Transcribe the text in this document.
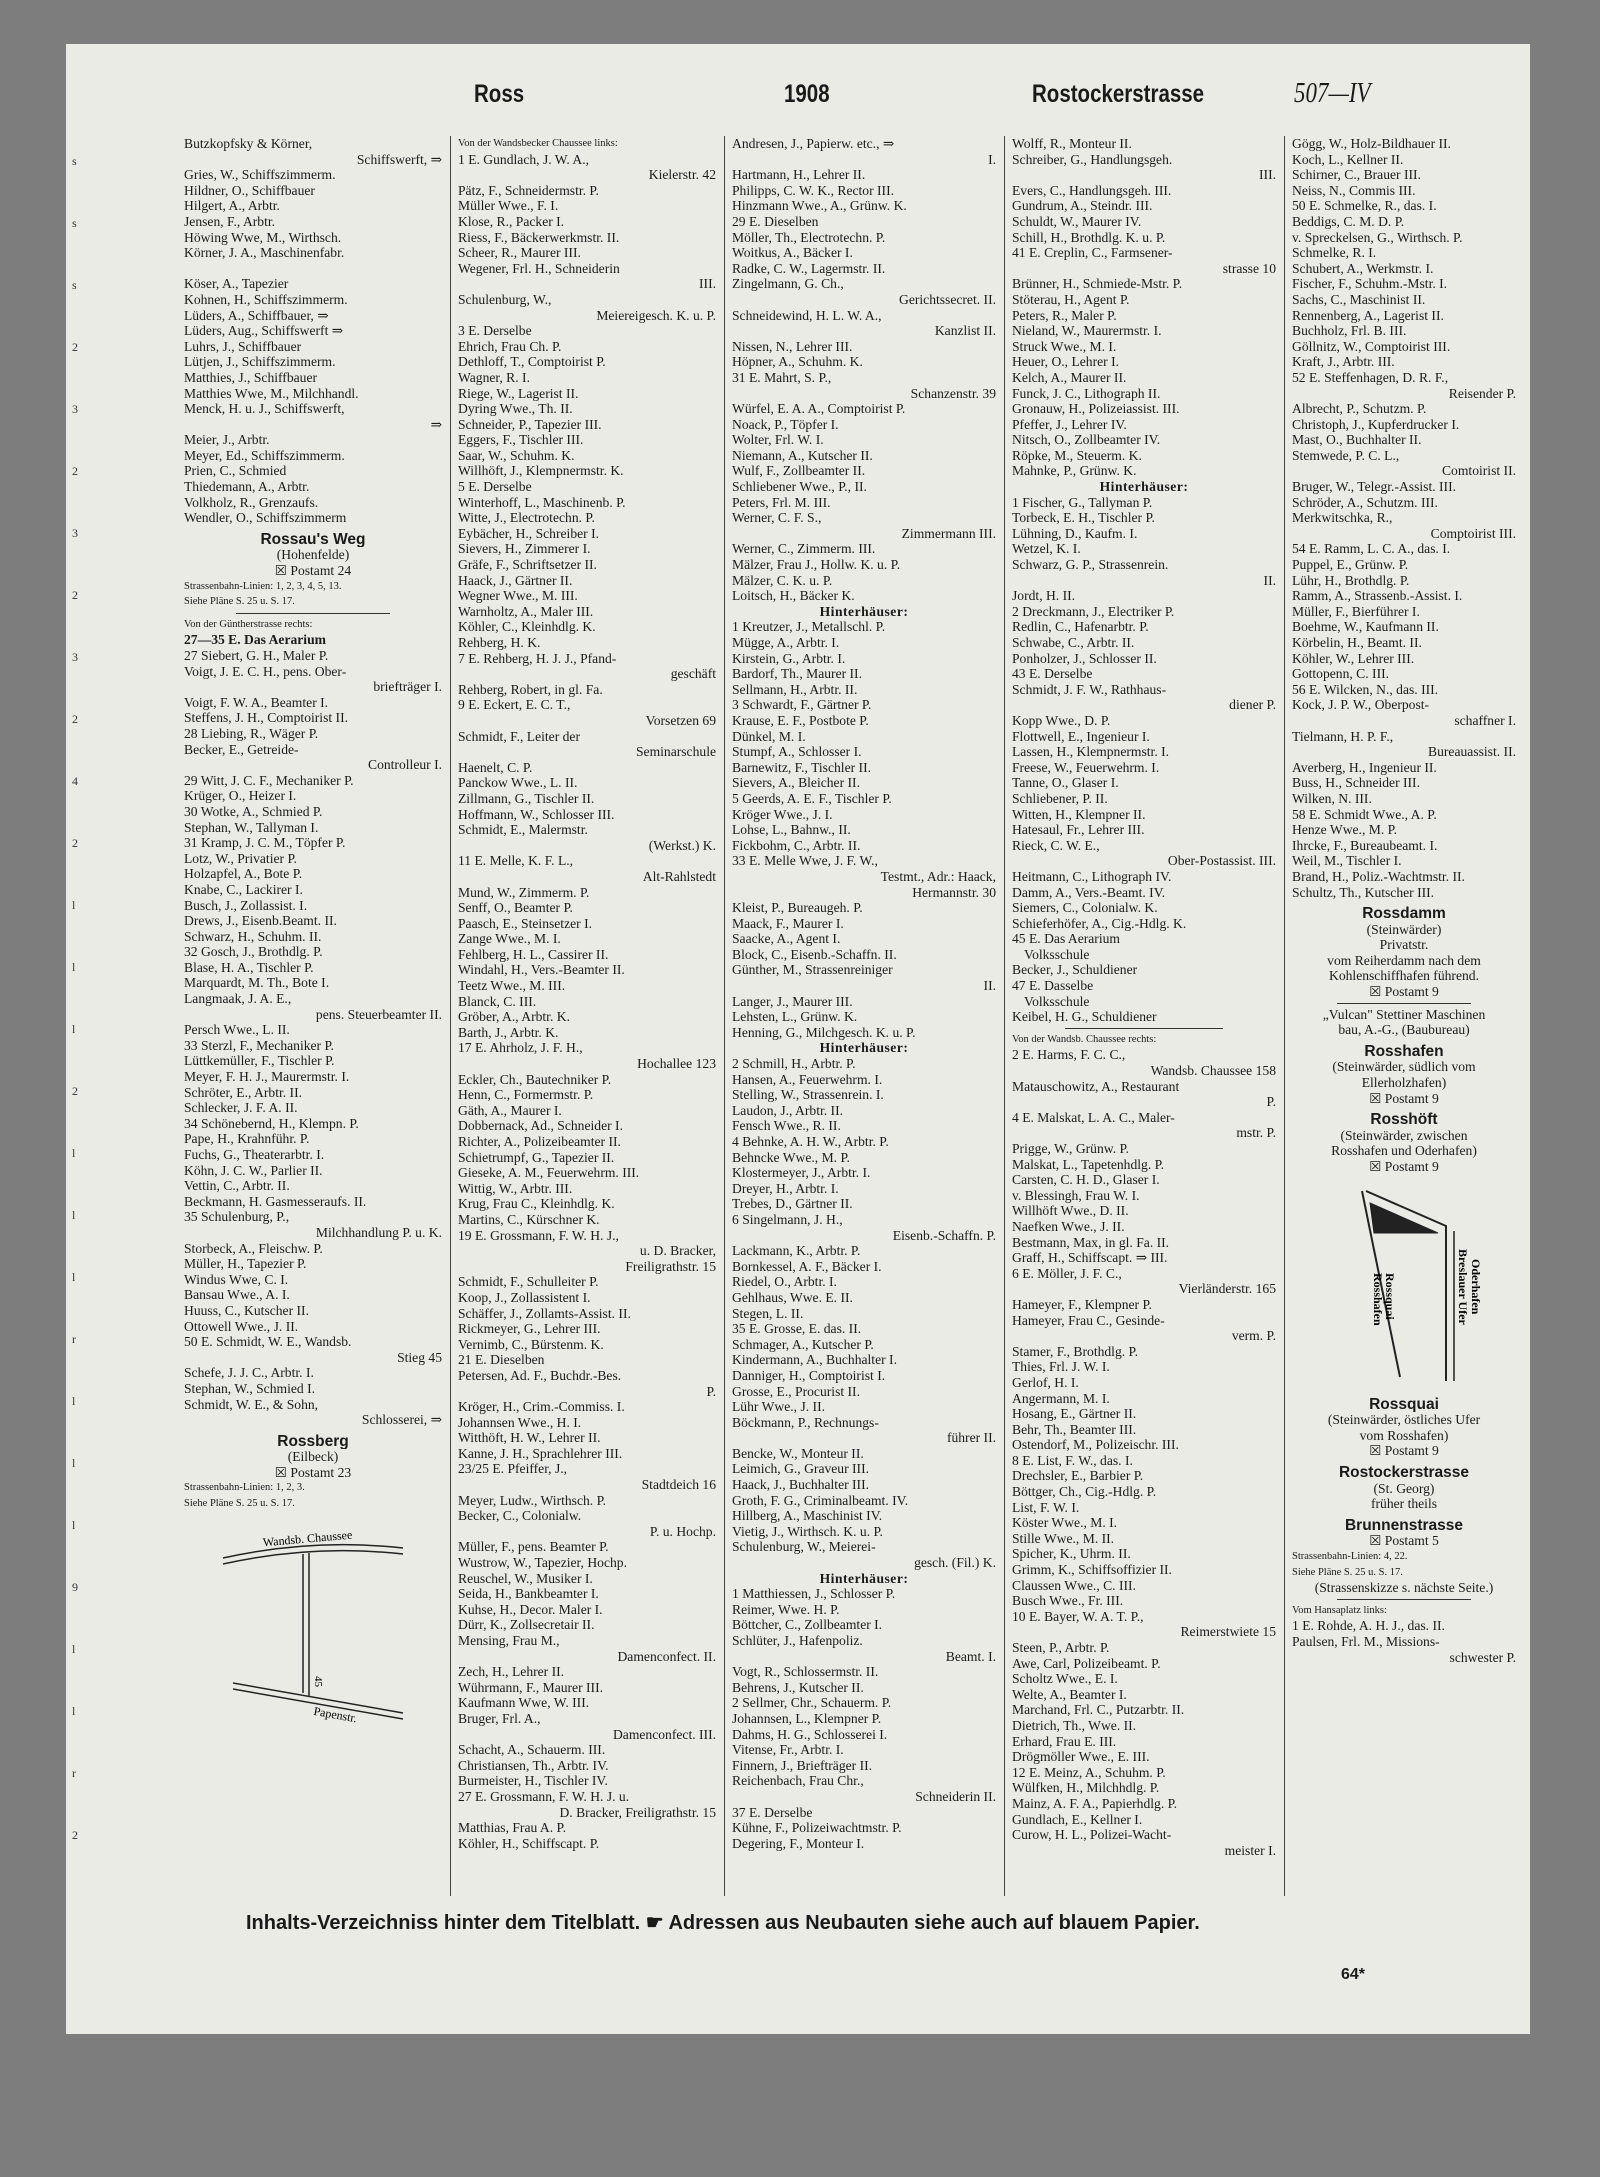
s
s
s
2
3
2
3
2
3
2
4
2
l
l
l
2
l
l
l
r
l
l
l
9
l
l
r
2
Ross	1908	Rostockerstrasse	507—IV
Butzkopfsky & Körner,
Schiffswerft, ⇒
Gries, W., Schiffszimmerm.
Hildner, O., Schiffbauer
Hilgert, A., Arbtr.
Jensen, F., Arbtr.
Höwing Wwe, M., Wirthsch.
Körner, J. A., Maschinenfabr.

Köser, A., Tapezier
Kohnen, H., Schiffszimmerm.
Lüders, A., Schiffbauer, ⇒
Lüders, Aug., Schiffswerft ⇒
Luhrs, J., Schiffbauer
Lütjen, J., Schiffszimmerm.
Matthies, J., Schiffbauer
Matthies Wwe, M., Milchhandl.
Menck, H. u. J., Schiffswerft,
⇒
Meier, J., Arbtr.
Meyer, Ed., Schiffszimmerm.
Prien, C., Schmied
Thiedemann, A., Arbtr.
Volkholz, R., Grenzaufs.
Wendler, O., Schiffszimmerm
Rossau's Weg
(Hohenfelde)
☒ Postamt 24
Strassenbahn-Linien: 1, 2, 3, 4, 5, 13.
Siehe Pläne S. 25 u. S. 17.
Von der Güntherstrasse rechts:
27—35 E. Das Aerarium
27 Siebert, G. H., Maler P.
Voigt, J. E. C. H., pens. Ober-
briefträger I.
Voigt, F. W. A., Beamter I.
Steffens, J. H., Comptoirist II.
28 Liebing, R., Wäger P.
Becker, E., Getreide-
Controlleur I.
29 Witt, J. C. F., Mechaniker P.
Krüger, O., Heizer I.
30 Wotke, A., Schmied P.
Stephan, W., Tallyman I.
31 Kramp, J. C. M., Töpfer P.
Lotz, W., Privatier P.
Holzapfel, A., Bote P.
Knabe, C., Lackirer I.
Busch, J., Zollassist. I.
Drews, J., Eisenb.Beamt. II.
Schwarz, H., Schuhm. II.
32 Gosch, J., Brothdlg. P.
Blase, H. A., Tischler P.
Marquardt, M. Th., Bote I.
Langmaak, J. A. E.,
pens. Steuerbeamter II.
Persch Wwe., L. II.
33 Sterzl, F., Mechaniker P.
Lüttkemüller, F., Tischler P.
Meyer, F. H. J., Maurermstr. I.
Schröter, E., Arbtr. II.
Schlecker, J. F. A. II.
34 Schönebernd, H., Klempn. P.
Pape, H., Krahnführ. P.
Fuchs, G., Theaterarbtr. I.
Köhn, J. C. W., Parlier II.
Vettin, C., Arbtr. II.
Beckmann, H. Gasmesseraufs. II.
35 Schulenburg, P.,
Milchhandlung P. u. K.
Storbeck, A., Fleischw. P.
Müller, H., Tapezier P.
Windus Wwe, C. I.
Bansau Wwe., A. I.
Huuss, C., Kutscher II.
Ottowell Wwe., J. II.
50 E. Schmidt, W. E., Wandsb.
Stieg 45
Schefe, J. J. C., Arbtr. I.
Stephan, W., Schmied I.
Schmidt, W. E., & Sohn,
Schlosserei, ⇒
Rossberg
(Eilbeck)
☒ Postamt 23
Strassenbahn-Linien: 1, 2, 3.
Siehe Pläne S. 25 u. S. 17.
Wandsb. Chaussee
Papenstr.
45
Von der Wandsbecker Chaussee links:
1 E. Gundlach, J. W. A.,
Kielerstr. 42
Pätz, F., Schneidermstr. P.
Müller Wwe., F. I.
Klose, R., Packer I.
Riess, F., Bäckerwerkmstr. II.
Scheer, R., Maurer III.
Wegener, Frl. H., Schneiderin
III.
Schulenburg, W.,
Meiereigesch. K. u. P.
3 E. Derselbe
Ehrich, Frau Ch. P.
Dethloff, T., Comptoirist P.
Wagner, R. I.
Riege, W., Lagerist II.
Dyring Wwe., Th. II.
Schneider, P., Tapezier III.
Eggers, F., Tischler III.
Saar, W., Schuhm. K.
Willhöft, J., Klempnermstr. K.
5 E. Derselbe
Winterhoff, L., Maschinenb. P.
Witte, J., Electrotechn. P.
Eybächer, H., Schreiber I.
Sievers, H., Zimmerer I.
Gräfe, F., Schriftsetzer II.
Haack, J., Gärtner II.
Wegner Wwe., M. III.
Warnholtz, A., Maler III.
Köhler, C., Kleinhdlg. K.
Rehberg, H. K.
7 E. Rehberg, H. J. J., Pfand-
geschäft
Rehberg, Robert, in gl. Fa.
9 E. Eckert, E. C. T.,
Vorsetzen 69
Schmidt, F., Leiter der
Seminarschule
Haenelt, C. P.
Panckow Wwe., L. II.
Zillmann, G., Tischler II.
Hoffmann, W., Schlosser III.
Schmidt, E., Malermstr.
(Werkst.) K.
11 E. Melle, K. F. L.,
Alt-Rahlstedt
Mund, W., Zimmerm. P.
Senff, O., Beamter P.
Paasch, E., Steinsetzer I.
Zange Wwe., M. I.
Fehlberg, H. L., Cassirer II.
Windahl, H., Vers.-Beamter II.
Teetz Wwe., M. III.
Blanck, C. III.
Gröber, A., Arbtr. K.
Barth, J., Arbtr. K.
17 E. Ahrholz, J. F. H.,
Hochallee 123
Eckler, Ch., Bautechniker P.
Henn, C., Formermstr. P.
Gäth, A., Maurer I.
Dobbernack, Ad., Schneider I.
Richter, A., Polizeibeamter II.
Schietrumpf, G., Tapezier II.
Gieseke, A. M., Feuerwehrm. III.
Wittig, W., Arbtr. III.
Krug, Frau C., Kleinhdlg. K.
Martins, C., Kürschner K.
19 E. Grossmann, F. W. H. J.,
u. D. Bracker,
Freiligrathstr. 15
Schmidt, F., Schulleiter P.
Koop, J., Zollassistent I.
Schäffer, J., Zollamts-Assist. II.
Rickmeyer, G., Lehrer III.
Vernimb, C., Bürstenm. K.
21 E. Dieselben
Petersen, Ad. F., Buchdr.-Bes.
P.
Kröger, H., Crim.-Commiss. I.
Johannsen Wwe., H. I.
Witthöft, H. W., Lehrer II.
Kanne, J. H., Sprachlehrer III.
23/25 E. Pfeiffer, J.,
Stadtdeich 16
Meyer, Ludw., Wirthsch. P.
Becker, C., Colonialw.
P. u. Hochp.
Müller, F., pens. Beamter P.
Wustrow, W., Tapezier, Hochp.
Reuschel, W., Musiker I.
Seida, H., Bankbeamter I.
Kuhse, H., Decor. Maler I.
Dürr, K., Zollsecretair II.
Mensing, Frau M.,
Damenconfect. II.
Zech, H., Lehrer II.
Wührmann, F., Maurer III.
Kaufmann Wwe, W. III.
Bruger, Frl. A.,
Damenconfect. III.
Schacht, A., Schauerm. III.
Christiansen, Th., Arbtr. IV.
Burmeister, H., Tischler IV.
27 E. Grossmann, F. W. H. J. u.
D. Bracker, Freiligrathstr. 15
Matthias, Frau A. P.
Köhler, H., Schiffscapt. P.
Andresen, J., Papierw. etc., ⇒
I.
Hartmann, H., Lehrer II.
Philipps, C. W. K., Rector III.
Hinzmann Wwe., A., Grünw. K.
29 E. Dieselben
Möller, Th., Electrotechn. P.
Woitkus, A., Bäcker I.
Radke, C. W., Lagermstr. II.
Zingelmann, G. Ch.,
Gerichtssecret. II.
Schneidewind, H. L. W. A.,
Kanzlist II.
Nissen, N., Lehrer III.
Höpner, A., Schuhm. K.
31 E. Mahrt, S. P.,
Schanzenstr. 39
Würfel, E. A. A., Comptoirist P.
Noack, P., Töpfer I.
Wolter, Frl. W. I.
Niemann, A., Kutscher II.
Wulf, F., Zollbeamter II.
Schliebener Wwe., P., II.
Peters, Frl. M. III.
Werner, C. F. S.,
Zimmermann III.
Werner, C., Zimmerm. III.
Mälzer, Frau J., Hollw. K. u. P.
Mälzer, C. K. u. P.
Loitsch, H., Bäcker K.
Hinterhäuser:
1 Kreutzer, J., Metallschl. P.
Mügge, A., Arbtr. I.
Kirstein, G., Arbtr. I.
Bardorf, Th., Maurer II.
Sellmann, H., Arbtr. II.
3 Schwardt, F., Gärtner P.
Krause, E. F., Postbote P.
Dünkel, M. I.
Stumpf, A., Schlosser I.
Barnewitz, F., Tischler II.
Sievers, A., Bleicher II.
5 Geerds, A. E. F., Tischler P.
Kröger Wwe., J. I.
Lohse, L., Bahnw., II.
Fickbohm, C., Arbtr. II.
33 E. Melle Wwe, J. F. W.,
Testmt., Adr.: Haack,
Hermannstr. 30
Kleist, P., Bureaugeh. P.
Maack, F., Maurer I.
Saacke, A., Agent I.
Block, C., Eisenb.-Schaffn. II.
Günther, M., Strassenreiniger
II.
Langer, J., Maurer III.
Lehsten, L., Grünw. K.
Henning, G., Milchgesch. K. u. P.
Hinterhäuser:
2 Schmill, H., Arbtr. P.
Hansen, A., Feuerwehrm. I.
Stelling, W., Strassenrein. I.
Laudon, J., Arbtr. II.
Fensch Wwe., R. II.
4 Behnke, A. H. W., Arbtr. P.
Behncke Wwe., M. P.
Klostermeyer, J., Arbtr. I.
Dreyer, H., Arbtr. I.
Trebes, D., Gärtner II.
6 Singelmann, J. H.,
Eisenb.-Schaffn. P.
Lackmann, K., Arbtr. P.
Bornkessel, A. F., Bäcker I.
Riedel, O., Arbtr. I.
Gehlhaus, Wwe. E. II.
Stegen, L. II.
35 E. Grosse, E. das. II.
Schmager, A., Kutscher P.
Kindermann, A., Buchhalter I.
Danniger, H., Comptoirist I.
Grosse, E., Procurist II.
Lühr Wwe., J. II.
Böckmann, P., Rechnungs-
führer II.
Bencke, W., Monteur II.
Leimich, G., Graveur III.
Haack, J., Buchhalter III.
Groth, F. G., Criminalbeamt. IV.
Hillberg, A., Maschinist IV.
Vietig, J., Wirthsch. K. u. P.
Schulenburg, W., Meierei-
gesch. (Fil.) K.
Hinterhäuser:
1 Matthiessen, J., Schlosser P.
Reimer, Wwe. H. P.
Böttcher, C., Zollbeamter I.
Schlüter, J., Hafenpoliz.
Beamt. I.
Vogt, R., Schlossermstr. II.
Behrens, J., Kutscher II.
2 Sellmer, Chr., Schauerm. P.
Johannsen, L., Klempner P.
Dahms, H. G., Schlosserei I.
Vitense, Fr., Arbtr. I.
Finnern, J., Briefträger II.
Reichenbach, Frau Chr.,
Schneiderin II.
37 E. Derselbe
Kühne, F., Polizeiwachtmstr. P.
Degering, F., Monteur I.
Wolff, R., Monteur II.
Schreiber, G., Handlungsgeh.
III.
Evers, C., Handlungsgeh. III.
Gundrum, A., Steindr. III.
Schuldt, W., Maurer IV.
Schill, H., Brothdlg. K. u. P.
41 E. Creplin, C., Farmsener-
strasse 10
Brünner, H., Schmiede-Mstr. P.
Stöterau, H., Agent P.
Peters, R., Maler P.
Nieland, W., Maurermstr. I.
Struck Wwe., M. I.
Heuer, O., Lehrer I.
Kelch, A., Maurer II.
Funck, J. C., Lithograph II.
Gronauw, H., Polizeiassist. III.
Pfeffer, J., Lehrer IV.
Nitsch, O., Zollbeamter IV.
Röpke, M., Steuerm. K.
Mahnke, P., Grünw. K.
Hinterhäuser:
1 Fischer, G., Tallyman P.
Torbeck, E. H., Tischler P.
Lühning, D., Kaufm. I.
Wetzel, K. I.
Schwarz, G. P., Strassenrein.
II.
Jordt, H. II.
2 Dreckmann, J., Electriker P.
Redlin, C., Hafenarbtr. P.
Schwabe, C., Arbtr. II.
Ponholzer, J., Schlosser II.
43 E. Derselbe
Schmidt, J. F. W., Rathhaus-
diener P.
Kopp Wwe., D. P.
Flottwell, E., Ingenieur I.
Lassen, H., Klempnermstr. I.
Freese, W., Feuerwehrm. I.
Tanne, O., Glaser I.
Schliebener, P. II.
Witten, H., Klempner II.
Hatesaul, Fr., Lehrer III.
Rieck, C. W. E.,
Ober-Postassist. III.
Heitmann, C., Lithograph IV.
Damm, A., Vers.-Beamt. IV.
Siemers, C., Colonialw. K.
Schieferhöfer, A., Cig.-Hdlg. K.
45 E. Das Aerarium
Volksschule
Becker, J., Schuldiener
47 E. Dasselbe
Volksschule
Keibel, H. G., Schuldiener
Von der Wandsb. Chaussee rechts:
2 E. Harms, F. C. C.,
Wandsb. Chaussee 158
Matauschowitz, A., Restaurant
P.
4 E. Malskat, L. A. C., Maler-
mstr. P.
Prigge, W., Grünw. P.
Malskat, L., Tapetenhdlg. P.
Carsten, C. H. D., Glaser I.
v. Blessingh, Frau W. I.
Willhöft Wwe., D. II.
Naefken Wwe., J. II.
Bestmann, Max, in gl. Fa. II.
Graff, H., Schiffscapt. ⇒ III.
6 E. Möller, J. F. C.,
Vierländerstr. 165
Hameyer, F., Klempner P.
Hameyer, Frau C., Gesinde-
verm. P.
Stamer, F., Brothdlg. P.
Thies, Frl. J. W. I.
Gerlof, H. I.
Angermann, M. I.
Hosang, E., Gärtner II.
Behr, Th., Beamter III.
Ostendorf, M., Polizeischr. III.
8 E. List, F. W., das. I.
Drechsler, E., Barbier P.
Böttger, Ch., Cig.-Hdlg. P.
List, F. W. I.
Köster Wwe., M. I.
Stille Wwe., M. II.
Spicher, K., Uhrm. II.
Grimm, K., Schiffsoffizier II.
Claussen Wwe., C. III.
Busch Wwe., Fr. III.
10 E. Bayer, W. A. T. P.,
Reimerstwiete 15
Steen, P., Arbtr. P.
Awe, Carl, Polizeibeamt. P.
Scholtz Wwe., E. I.
Welte, A., Beamter I.
Marchand, Frl. C., Putzarbtr. II.
Dietrich, Th., Wwe. II.
Erhard, Frau E. III.
Drögmöller Wwe., E. III.
12 E. Meinz, A., Schuhm. P.
Wülfken, H., Milchhdlg. P.
Mainz, A. F. A., Papierhdlg. P.
Gundlach, E., Kellner I.
Curow, H. L., Polizei-Wacht-
meister I.
Gögg, W., Holz-Bildhauer II.
Koch, L., Kellner II.
Schirner, C., Brauer III.
Neiss, N., Commis III.
50 E. Schmelke, R., das. I.
Beddigs, C. M. D. P.
v. Spreckelsen, G., Wirthsch. P.
Schmelke, R. I.
Schubert, A., Werkmstr. I.
Fischer, F., Schuhm.-Mstr. I.
Sachs, C., Maschinist II.
Rennenberg, A., Lagerist II.
Buchholz, Frl. B. III.
Göllnitz, W., Comptoirist III.
Kraft, J., Arbtr. III.
52 E. Steffenhagen, D. R. F.,
Reisender P.
Albrecht, P., Schutzm. P.
Christoph, J., Kupferdrucker I.
Mast, O., Buchhalter II.
Stemwede, P. C. L.,
Comtoirist II.
Bruger, W., Telegr.-Assist. III.
Schröder, A., Schutzm. III.
Merkwitschka, R.,
Comptoirist III.
54 E. Ramm, L. C. A., das. I.
Puppel, E., Grünw. P.
Lühr, H., Brothdlg. P.
Ramm, A., Strassenb.-Assist. I.
Müller, F., Bierführer I.
Boehme, W., Kaufmann II.
Körbelin, H., Beamt. II.
Köhler, W., Lehrer III.
Gottopenn, C. III.
56 E. Wilcken, N., das. III.
Kock, J. P. W., Oberpost-
schaffner I.
Tielmann, H. P. F.,
Bureauassist. II.
Averberg, H., Ingenieur II.
Buss, H., Schneider III.
Wilken, N. III.
58 E. Schmidt Wwe., A. P.
Henze Wwe., M. P.
Ihrcke, F., Bureaubeamt. I.
Weil, M., Tischler I.
Brand, H., Poliz.-Wachtmstr. II.
Schultz, Th., Kutscher III.
Rossdamm
(Steinwärder)
Privatstr.
vom Reiherdamm nach dem
Kohlenschiffhafen führend.
☒ Postamt 9
„Vulcan" Stettiner Maschinen
bau, A.-G., (Baubureau)
Rosshafen
(Steinwärder, südlich vom
Ellerholzhafen)
☒ Postamt 9
Rosshöft
(Steinwärder, zwischen
Rosshafen und Oderhafen)
☒ Postamt 9
Oderhafen
Breslauer Ufer
Rossquai
Rosshafen
Rossquai
(Steinwärder, östliches Ufer
vom Rosshafen)
☒ Postamt 9
Rostockerstrasse
(St. Georg)
früher theils
Brunnenstrasse
☒ Postamt 5
Strassenbahn-Linien: 4, 22.
Siehe Pläne S. 25 u. S. 17.
(Strassenskizze s. nächste Seite.)
Vom Hansaplatz links:
1 E. Rohde, A. H. J., das. II.
Paulsen, Frl. M., Missions-
schwester P.
Inhalts-Verzeichniss hinter dem Titelblatt. ☛ Adressen aus Neubauten siehe auch auf blauem Papier.
64*
